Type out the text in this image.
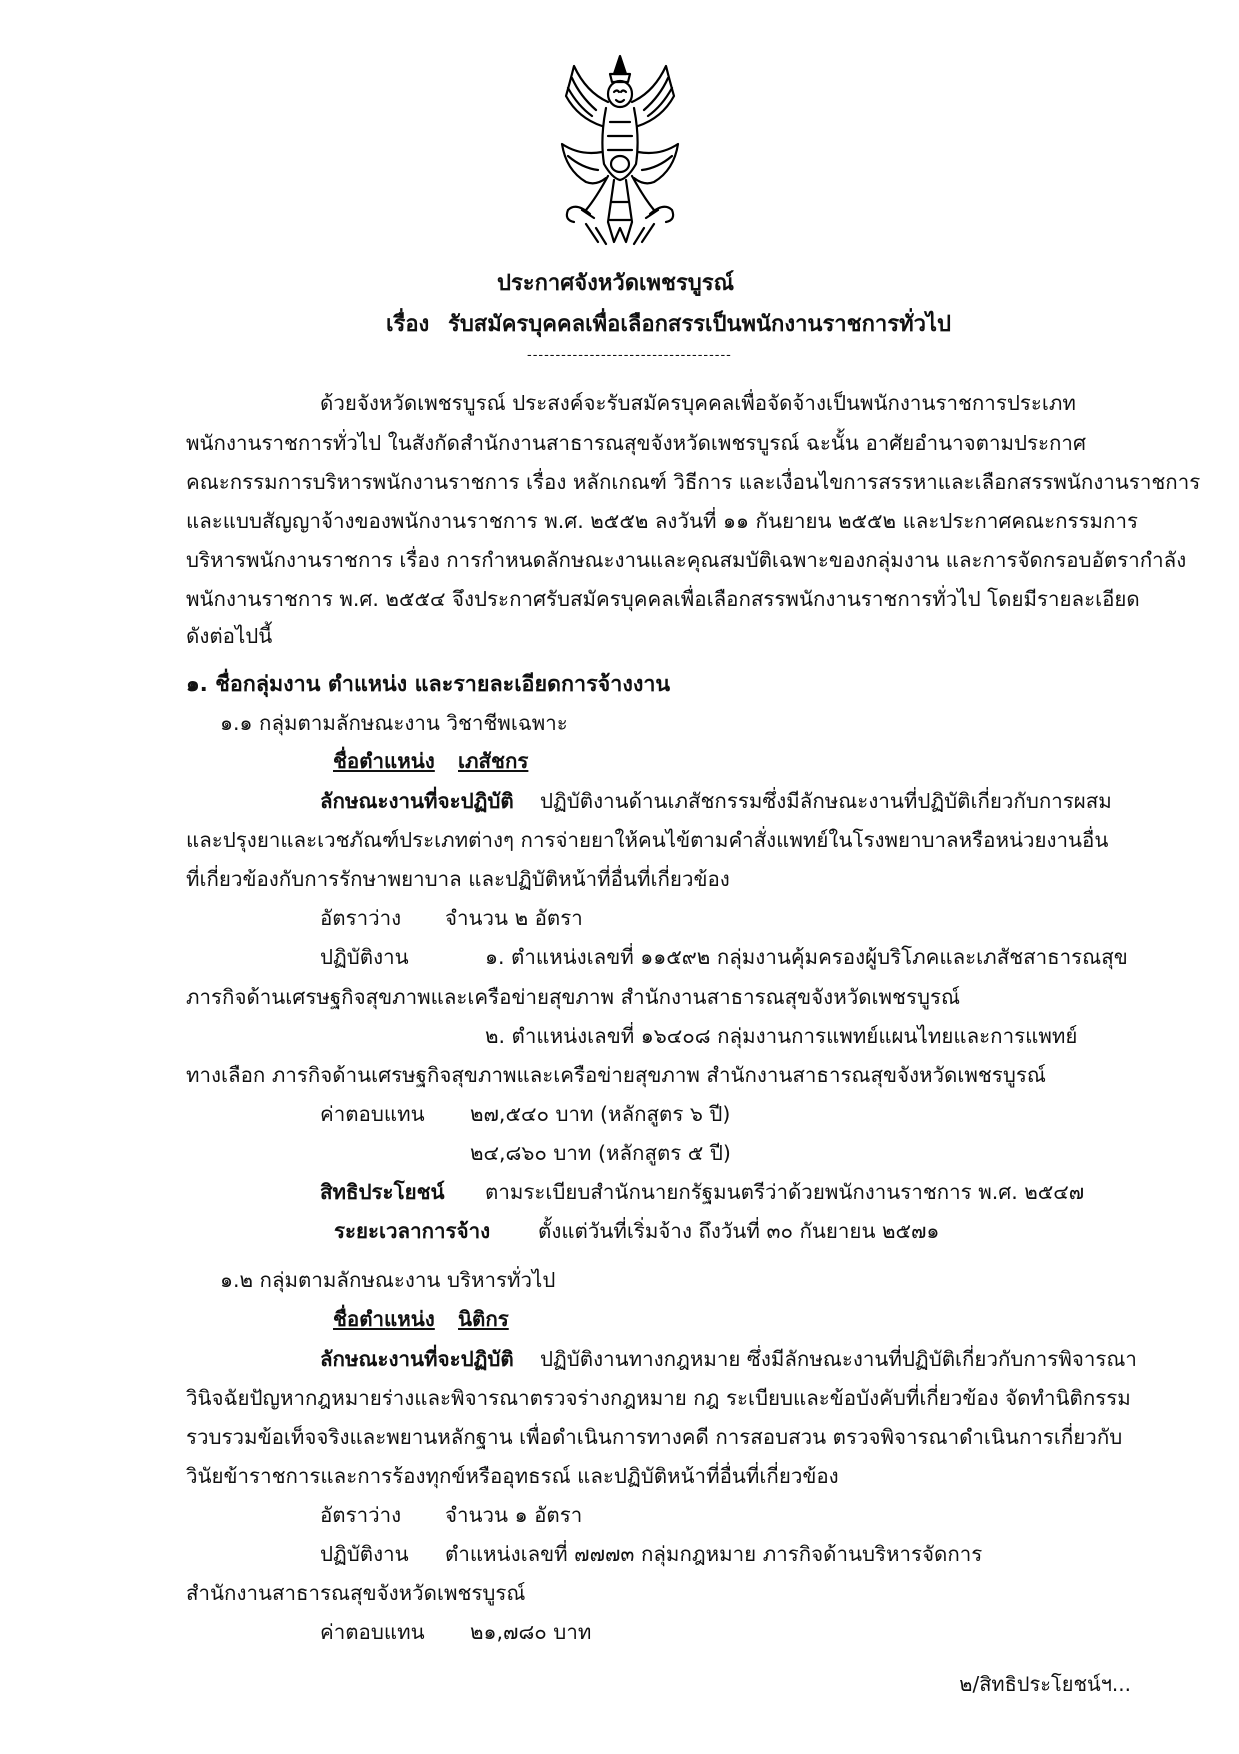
ประกาศจังหวัดเพชรบูรณ์
เรื่อง รับสมัครบุคคลเพื่อเลือกสรรเป็นพนักงานราชการทั่วไป
------------------------------------
ด้วยจังหวัดเพชรบูรณ์ ประสงค์จะรับสมัครบุคคลเพื่อจัดจ้างเป็นพนักงานราชการประเภท
พนักงานราชการทั่วไป ในสังกัดสำนักงานสาธารณสุขจังหวัดเพชรบูรณ์ ฉะนั้น อาศัยอำนาจตามประกาศ
คณะกรรมการบริหารพนักงานราชการ เรื่อง หลักเกณฑ์ วิธีการ และเงื่อนไขการสรรหาและเลือกสรรพนักงานราชการ
และแบบสัญญาจ้างของพนักงานราชการ พ.ศ. ๒๕๕๒ ลงวันที่ ๑๑ กันยายน ๒๕๕๒ และประกาศคณะกรรมการ
บริหารพนักงานราชการ เรื่อง การกำหนดลักษณะงานและคุณสมบัติเฉพาะของกลุ่มงาน และการจัดกรอบอัตรากำลัง
พนักงานราชการ พ.ศ. ๒๕๕๔ จึงประกาศรับสมัครบุคคลเพื่อเลือกสรรพนักงานราชการทั่วไป โดยมีรายละเอียด
ดังต่อไปนี้
๑. ชื่อกลุ่มงาน ตำแหน่ง และรายละเอียดการจ้างงาน
๑.๑ กลุ่มตามลักษณะงาน วิชาชีพเฉพาะ
ชื่อตำแหน่ง เภสัชกร
ลักษณะงานที่จะปฏิบัติ ปฏิบัติงานด้านเภสัชกรรมซึ่งมีลักษณะงานที่ปฏิบัติเกี่ยวกับการผสม
และปรุงยาและเวชภัณฑ์ประเภทต่างๆ การจ่ายยาให้คนไข้ตามคำสั่งแพทย์ในโรงพยาบาลหรือหน่วยงานอื่น
ที่เกี่ยวข้องกับการรักษาพยาบาล และปฏิบัติหน้าที่อื่นที่เกี่ยวข้อง
อัตราว่าง จำนวน ๒ อัตรา
ปฏิบัติงาน	๑. ตำแหน่งเลขที่ ๑๑๕๙๒ กลุ่มงานคุ้มครองผู้บริโภคและเภสัชสาธารณสุข
ภารกิจด้านเศรษฐกิจสุขภาพและเครือข่ายสุขภาพ สำนักงานสาธารณสุขจังหวัดเพชรบูรณ์
๒. ตำแหน่งเลขที่ ๑๖๔๐๘ กลุ่มงานการแพทย์แผนไทยและการแพทย์
ทางเลือก ภารกิจด้านเศรษฐกิจสุขภาพและเครือข่ายสุขภาพ สำนักงานสาธารณสุขจังหวัดเพชรบูรณ์
ค่าตอบแทน ๒๗,๕๔๐ บาท (หลักสูตร ๖ ปี)
๒๔,๘๖๐ บาท (หลักสูตร ๕ ปี)
สิทธิประโยชน์ ตามระเบียบสำนักนายกรัฐมนตรีว่าด้วยพนักงานราชการ พ.ศ. ๒๕๔๗
ระยะเวลาการจ้าง ตั้งแต่วันที่เริ่มจ้าง ถึงวันที่ ๓๐ กันยายน ๒๕๗๑
๑.๒ กลุ่มตามลักษณะงาน บริหารทั่วไป
ชื่อตำแหน่ง นิติกร
ลักษณะงานที่จะปฏิบัติ ปฏิบัติงานทางกฎหมาย ซึ่งมีลักษณะงานที่ปฏิบัติเกี่ยวกับการพิจารณา
วินิจฉัยปัญหากฎหมายร่างและพิจารณาตรวจร่างกฎหมาย กฎ ระเบียบและข้อบังคับที่เกี่ยวข้อง จัดทำนิติกรรม
รวบรวมข้อเท็จจริงและพยานหลักฐาน เพื่อดำเนินการทางคดี การสอบสวน ตรวจพิจารณาดำเนินการเกี่ยวกับ
วินัยข้าราชการและการร้องทุกข์หรืออุทธรณ์ และปฏิบัติหน้าที่อื่นที่เกี่ยวข้อง
อัตราว่าง จำนวน ๑ อัตรา
ปฏิบัติงาน ตำแหน่งเลขที่ ๗๗๗๓ กลุ่มกฎหมาย ภารกิจด้านบริหารจัดการ
สำนักงานสาธารณสุขจังหวัดเพชรบูรณ์
ค่าตอบแทน ๒๑,๗๘๐ บาท
๒/สิทธิประโยชน์ฯ...
